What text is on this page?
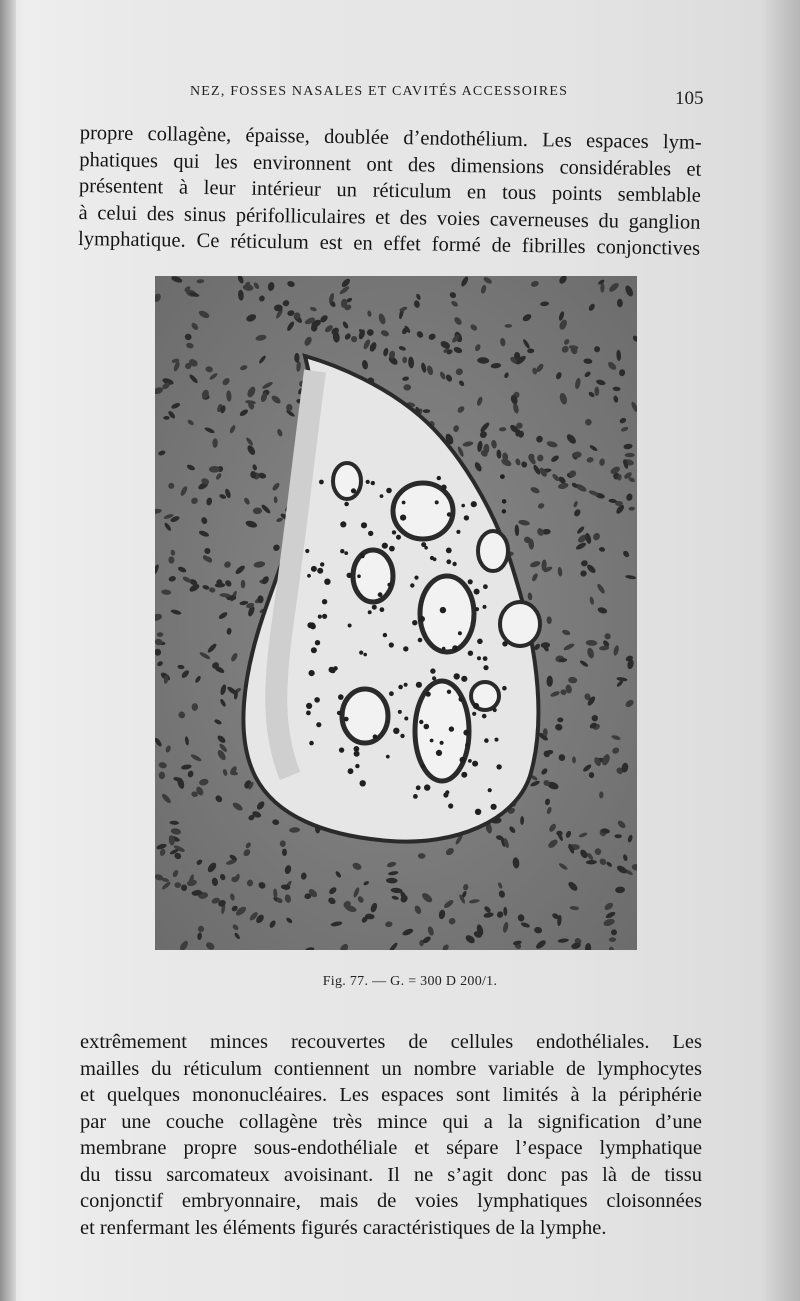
NEZ, FOSSES NASALES ET CAVITÉS ACCESSOIRES	105
propre collagène, épaisse, doublée d’endothélium. Les espaces lym-
phatiques qui les environnent ont des dimensions considérables et
présentent à leur intérieur un réticulum en tous points semblable
à celui des sinus périfolliculaires et des voies caverneuses du ganglion
lymphatique. Ce réticulum est en effet formé de fibrilles conjonctives
Fig. 77. — G. = 300 D 200/1.
extrêmement minces recouvertes de cellules endothéliales. Les
mailles du réticulum contiennent un nombre variable de lymphocytes
et quelques mononucléaires. Les espaces sont limités à la périphérie
par une couche collagène très mince qui a la signification d’une
membrane propre sous-endothéliale et sépare l’espace lymphatique
du tissu sarcomateux avoisinant. Il ne s’agit donc pas là de tissu
conjonctif embryonnaire, mais de voies lymphatiques cloisonnées
et renfermant les éléments figurés caractéristiques de la lymphe.
